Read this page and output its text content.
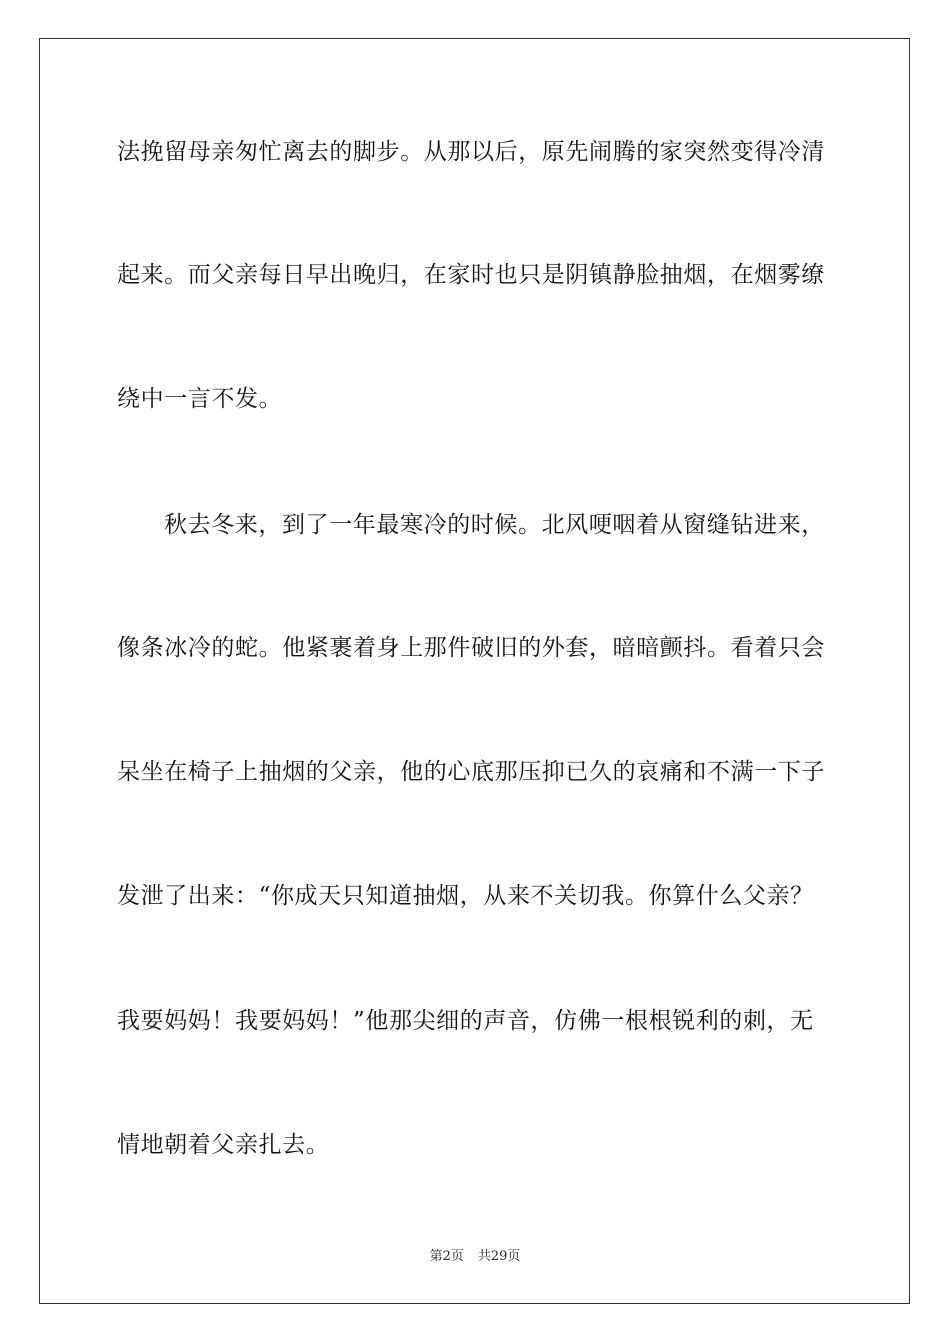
法挽留母亲匆忙离去的脚步。从那以后，原先闹腾的家突然变得冷清
起来。而父亲每日早出晚归，在家时也只是阴镇静脸抽烟，在烟雾缭
绕中一言不发。
秋去冬来，到了一年最寒冷的时候。北风哽咽着从窗缝钻进来，
像条冰冷的蛇。他紧裹着身上那件破旧的外套，暗暗颤抖。看着只会
呆坐在椅子上抽烟的父亲，他的心底那压抑已久的哀痛和不满一下子
发泄了出来：“你成天只知道抽烟，从来不关切我。你算什么父亲？
我要妈妈！我要妈妈！”他那尖细的声音，仿佛一根根锐利的刺，无
情地朝着父亲扎去。
第2页 共29页
